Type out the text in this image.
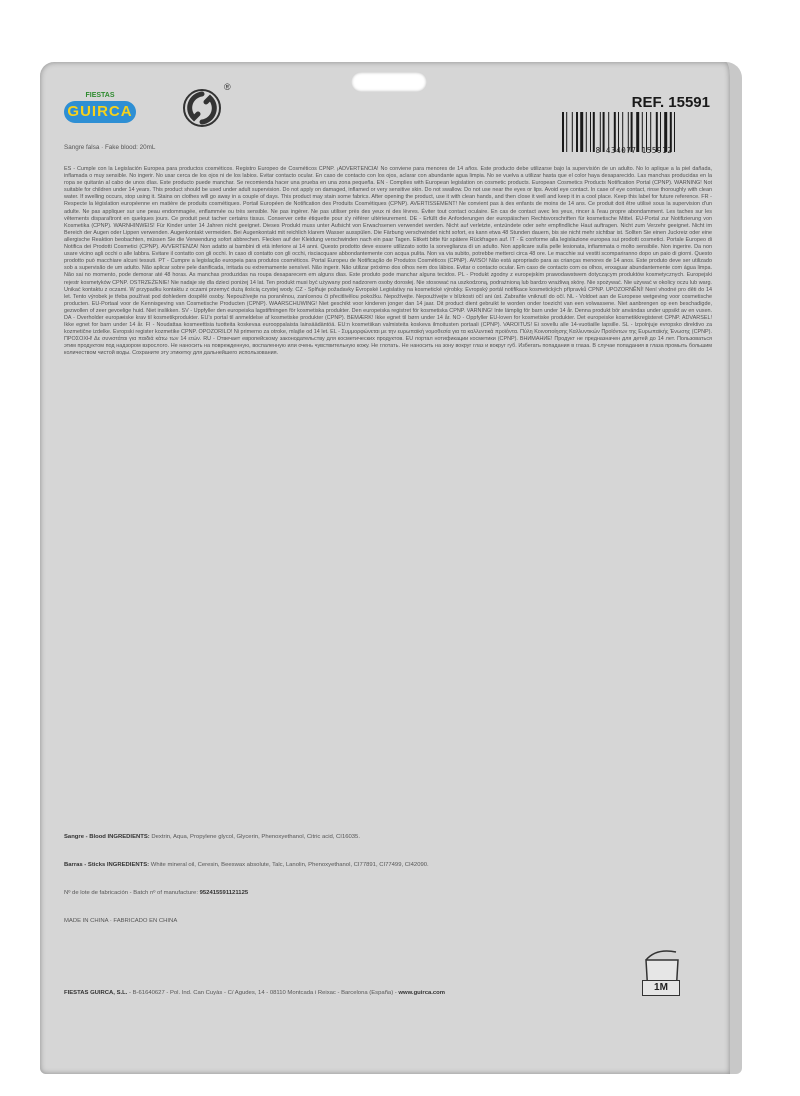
FIESTAS
GUIRCA
®
REF. 15591
8 434077 155912
Sangre falsa · Fake blood: 20mL
ES - Cumple con la Legislación Europea para productos cosméticos. Registro Europeo de Cosméticos CPNP. ¡ADVERTENCIA! No conviene para menores de 14 años. Este producto debe utilizarse bajo la supervisión de un adulto. No lo aplique a la piel dañada, inflamada o muy sensible. No ingerir. No usar cerca de los ojos ni de los labios. Evitar contacto ocular. En caso de contacto con los ojos, aclarar con abundante agua limpia. No se vuelva a utilizar hasta que el color haya desaparecido. Las manchas producidas en la ropa se quitarán al cabo de unos días. Este producto puede manchar. Se recomienda hacer una prueba en una zona pequeña. EN - Complies with European legislation on cosmetic products. European Cosmetics Products Notification Portal (CPNP). WARNING! Not suitable for children under 14 years. This product should be used under adult supervision. Do not apply on damaged, inflamed or very sensitive skin. Do not swallow. Do not use near the eyes or lips. Avoid eye contact. In case of eye contact, rinse thoroughly with clean water. If swelling occurs, stop using it. Stains on clothes will go away in a couple of days. This product may stain some fabrics. After opening the product, use it with clean hands, and then close it well and keep it in a cool place. Keep this label for future reference. FR - Respecte la législation européenne en matière de produits cosmétiques. Portail Européen de Notification des Produits Cosmétiques (CPNP). AVERTISSEMENT! Ne convient pas à des enfants de moins de 14 ans. Ce produit doit être utilisé sous la supervision d'un adulte. Ne pas appliquer sur une peau endommagée, enflammée ou très sensible. Ne pas ingérer. Ne pas utiliser près des yeux ni des lèvres. Éviter tout contact oculaire. En cas de contact avec les yeux, rincer à l'eau propre abondamment. Les taches sur les vêtements disparaîtront en quelques jours. Ce produit peut tacher certains tissus. Conserver cette étiquette pour s'y référer ultérieurement. DE - Erfüllt die Anforderungen der europäischen Rechtsvorschriften für kosmetische Mittel. EU-Portal zur Notifizierung von Kosmetika (CPNP). WARNHINWEIS! Für Kinder unter 14 Jahren nicht geeignet. Dieses Produkt muss unter Aufsicht von Erwachsenen verwendet werden. Nicht auf verletzte, entzündete oder sehr empfindliche Haut auftragen. Nicht zum Verzehr geeignet. Nicht im Bereich der Augen oder Lippen verwenden. Augenkontakt vermeiden. Bei Augenkontakt mit reichlich klarem Wasser ausspülen. Die Färbung verschwindet nicht sofort, es kann etwa 48 Stunden dauern, bis sie nicht mehr sichtbar ist. Sollten Sie einen Juckreiz oder eine allergische Reaktion beobachten, müssen Sie die Verwendung sofort abbrechen. Flecken auf der Kleidung verschwinden nach ein paar Tagen. Etikett bitte für spätere Rückfragen auf. IT - È conforme alla legislazione europea sui prodotti cosmetici. Portale Europeo di Notifica dei Prodotti Cosmetici (CPNP). AVVERTENZA! Non adatto ai bambini di età inferiore ai 14 anni. Questo prodotto deve essere utilizzato sotto la sorveglianza di un adulto. Non applicare sulla pelle lesionata, infiammata o molto sensibile. Non ingerire. Da non usare vicino agli occhi o alle labbra. Evitare il contatto con gli occhi. In caso di contatto con gli occhi, risciacquare abbondantemente con acqua pulita. Non va via subito, potrebbe metterci circa 48 ore. Le macchie sui vestiti scompariranno dopo un paio di giorni. Questo prodotto può macchiare alcuni tessuti. PT - Cumpre a legislação europeia para produtos cosméticos. Portal Europeu de Notificação de Produtos Cosméticos (CPNP). AVISO! Não está apropriado para as crianças menores de 14 anos. Este produto deve ser utilizado sob a supervisão de um adulto. Não aplicar sobre pele danificada, irritada ou extremamente sensível. Não ingerir. Não utilizar próximo dos olhos nem dos lábios. Evitar o contacto ocular. Em caso de contacto com os olhos, enxaguar abundantemente com água limpa. Não sai no momento, pode demorar até 48 horas. As manchas produzidas na roupa desaparecem em alguns dias. Este produto pode manchar alguns tecidos. PL - Produkt zgodny z europejskim prawodawstwem dotyczącym produktów kosmetycznych. Europejski rejestr kosmetyków CPNP. OSTRZEŻENIE! Nie nadaje się dla dzieci poniżej 14 lat. Ten produkt musi być używany pod nadzorem osoby dorosłej. Nie stosować na uszkodzoną, podrażnioną lub bardzo wrażliwą skórę. Nie spożywać. Nie używać w okolicy oczu lub warg. Unikać kontaktu z oczami. W przypadku kontaktu z oczami przemyć dużą ilością czystej wody. CZ - Splňuje požadavky Evropské Legislativy na kosmetické výrobky. Evropský portál notifikace kosmetických přípravků CPNP. UPOZORNĚNÍ! Není vhodné pro děti do 14 let. Tento výrobek je třeba používat pod dohledem dospělé osoby. Nepoužívejte na poraněnou, zanícenou či přecitlivělou pokožku. Nepožívejte. Nepoužívejte v blízkosti očí ani úst. Zabraňte vniknutí do očí. NL - Voldoet aan de Europese wetgeving voor cosmetische producten. EU-Portaal voor de Kennisgeving van Cosmetische Producten (CPNP). WAARSCHUWING! Niet geschikt voor kinderen jonger dan 14 jaar. Dit product dient gebruikt te worden onder toezicht van een volwassene. Niet aanbrengen op een beschadigde, gezwollen of zeer gevoelige huid. Niet inslikken. SV - Uppfyller den europeiska lagstiftningen för kosmetiska produkter. Den europeiska registret för kosmetiska CPNP. VARNING! Inte lämplig för barn under 14 år. Denna produkt bör användas under uppsikt av en vuxen. DA - Overholder europæiske krav til kosmetikprodukter. EU's portal til anmeldelse af kosmetiske produkter (CPNP). BEMÆRK! Ikke egnet til børn under 14 år. NO - Oppfyller EU-loven for kosmetiske produkter. Det europeiske kosmetikkregisteret CPNP. ADVARSEL! Ikke egnet for barn under 14 år. FI - Noudattaa kosmeettisia tuotteita koskevaa eurooppalaista lainsäädäntöä. EU:n kosmetiikan valmisteita koskeva ilmoitusten portaali (CPNP). VAROITUS! Ei sovellu alle 14-vuotiaille lapsille. SL - Izpolnjuje evropsko direktivo za kozmetične izdelke. Evropski register kozmetike CPNP. OPOZORILO! Ni primerno za otroke, mlajše od 14 let. EL - Συμμορφώνεται με την ευρωπαϊκή νομοθεσία για τα καλλυντικά προϊόντα. Πύλη Κοινοποίησης Καλλυντικών Προϊόντων της Ευρωπαϊκής Ένωσης (CPNP). ΠΡΟΣΟΧΗ! Δε συνιστάται για παιδιά κάτω των 14 ετών. RU - Отвечает европейскому законодательству для косметических продуктов. EU портал нотификации косметики (CPNP). ВНИМАНИЕ! Продукт не предназначен для детей до 14 лет. Пользоваться этим продуктом под надзором взрослого. Не наносить на поврежденную, воспаленную или очень чувствительную кожу. Не глотать. Не наносить на зону вокруг глаз и вокруг губ. Избегать попадания в глаза. В случае попадания в глаза промыть большим количеством чистой воды. Сохраните эту этикетку для дальнейшего использования.
Sangre - Blood INGREDIENTS: Dextrin, Aqua, Propylene glycol, Glycerin, Phenoxyethanol, Citric acid, CI16035.
Barras - Sticks INGREDIENTS: White mineral oil, Ceresin, Beeswax absolute, Talc, Lanolin, Phenoxyethanol, CI77891, CI77499, CI42090.
Nº de lote de fabricación - Batch nº of manufacture: 952415591121125
MADE IN CHINA · FABRICADO EN CHINA
FIESTAS GUIRCA, S.L. - B-61640627 - Pol. Ind. Can Cuyàs - C/ Agudes, 14 - 08110 Montcada i Reixac - Barcelona (España) - www.guirca.com	1M
